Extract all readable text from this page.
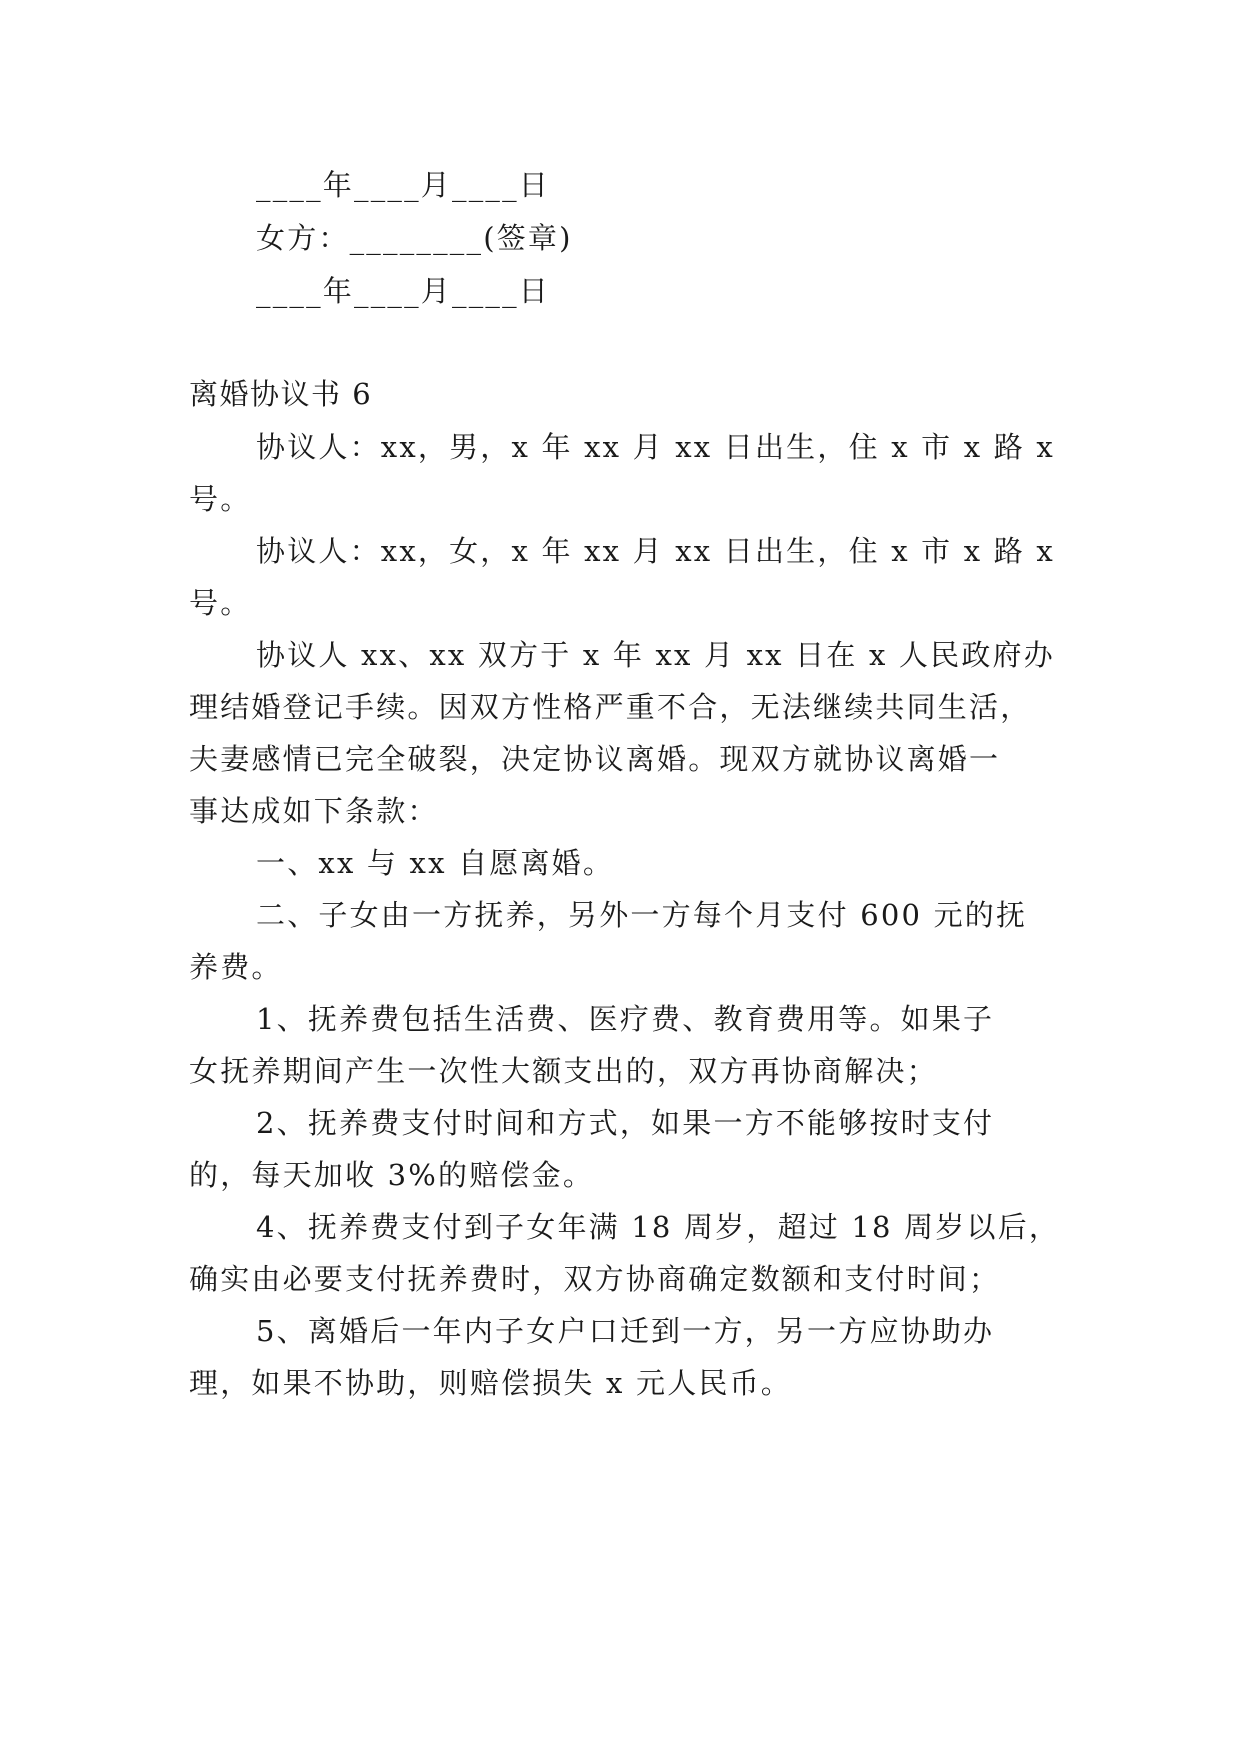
____年____月____日
女方：________(签章)
____年____月____日
离婚协议书 6
协议人：xx，男，x 年 xx 月 xx 日出生，住 x 市 x 路 x
号。
协议人：xx，女，x 年 xx 月 xx 日出生，住 x 市 x 路 x
号。
协议人 xx、xx 双方于 x 年 xx 月 xx 日在 x 人民政府办
理结婚登记手续。因双方性格严重不合，无法继续共同生活，
夫妻感情已完全破裂，决定协议离婚。现双方就协议离婚一
事达成如下条款：
一、xx 与 xx 自愿离婚。
二、子女由一方抚养，另外一方每个月支付 600 元的抚
养费。
1、抚养费包括生活费、医疗费、教育费用等。如果子
女抚养期间产生一次性大额支出的，双方再协商解决；
2、抚养费支付时间和方式，如果一方不能够按时支付
的，每天加收 3%的赔偿金。
4、抚养费支付到子女年满 18 周岁，超过 18 周岁以后，
确实由必要支付抚养费时，双方协商确定数额和支付时间；
5、离婚后一年内子女户口迁到一方，另一方应协助办
理，如果不协助，则赔偿损失 x 元人民币。
